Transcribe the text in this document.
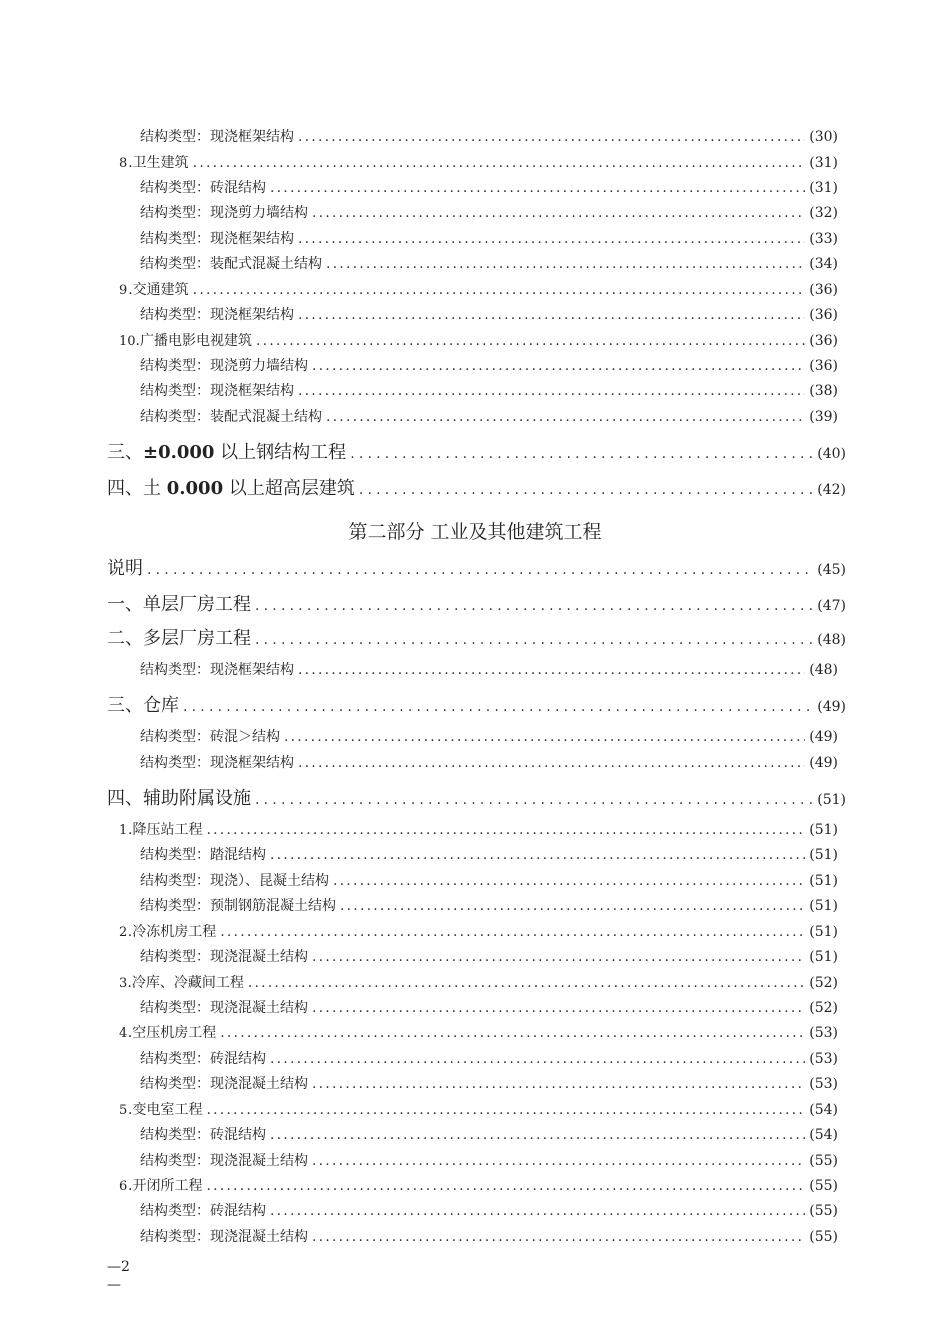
结构类型：现浇框架结构 .....	(30)
8 .卫生建筑 .....	(31)
结构类型：砖混结构 .....	(31)
结构类型：现浇剪力墙结构 .....	(32)
结构类型：现浇框架结构 .....	(33)
结构类型：装配式混凝土结构 .....	(34)
9 .交通建筑 .....	(36)
结构类型：现浇框架结构 .....	(36)
10 .广播电影电视建筑 .....	(36)
结构类型：现浇剪力墙结构 .....	(36)
结构类型：现浇框架结构 .....	(38)
结构类型：装配式混凝土结构 .....	(39)
三、±0.000 以上钢结构工程 .....	(40)
四、土 0.000 以上超高层建筑 .....	(42)
第二部分 工业及其他建筑工程
说明 .....	(45)
一、单层厂房工程 .....	(47)
二、多层厂房工程 .....	(48)
结构类型：现浇框架结构 .....	(48)
三、仓库 .....	(49)
结构类型：砖混＞结构 .....	(49)
结构类型：现浇框架结构 .....	(49)
四、辅助附属设施 .....	(51)
1 .降压站工程 .....	(51)
结构类型：踏混结构 .....	(51)
结构类型：现浇）、昆凝土结构 .....	(51)
结构类型：预制钢筋混凝土结构 .....	(51)
2 .冷冻机房工程 .....	(51)
结构类型：现浇混凝土结构 .....	(51)
3 .冷库、冷藏间工程 .....	(52)
结构类型：现浇混凝土结构 .....	(52)
4 .空压机房工程 .....	(53)
结构类型：砖混结构 .....	(53)
结构类型：现浇混凝土结构 .....	(53)
5 .变电室工程 .....	(54)
结构类型：砖混结构 .....	(54)
结构类型：现浇混凝土结构 .....	(55)
6 .开闭所工程 .....	(55)
结构类型：砖混结构 .....	(55)
结构类型：现浇混凝土结构 .....	(55)
—2
—
